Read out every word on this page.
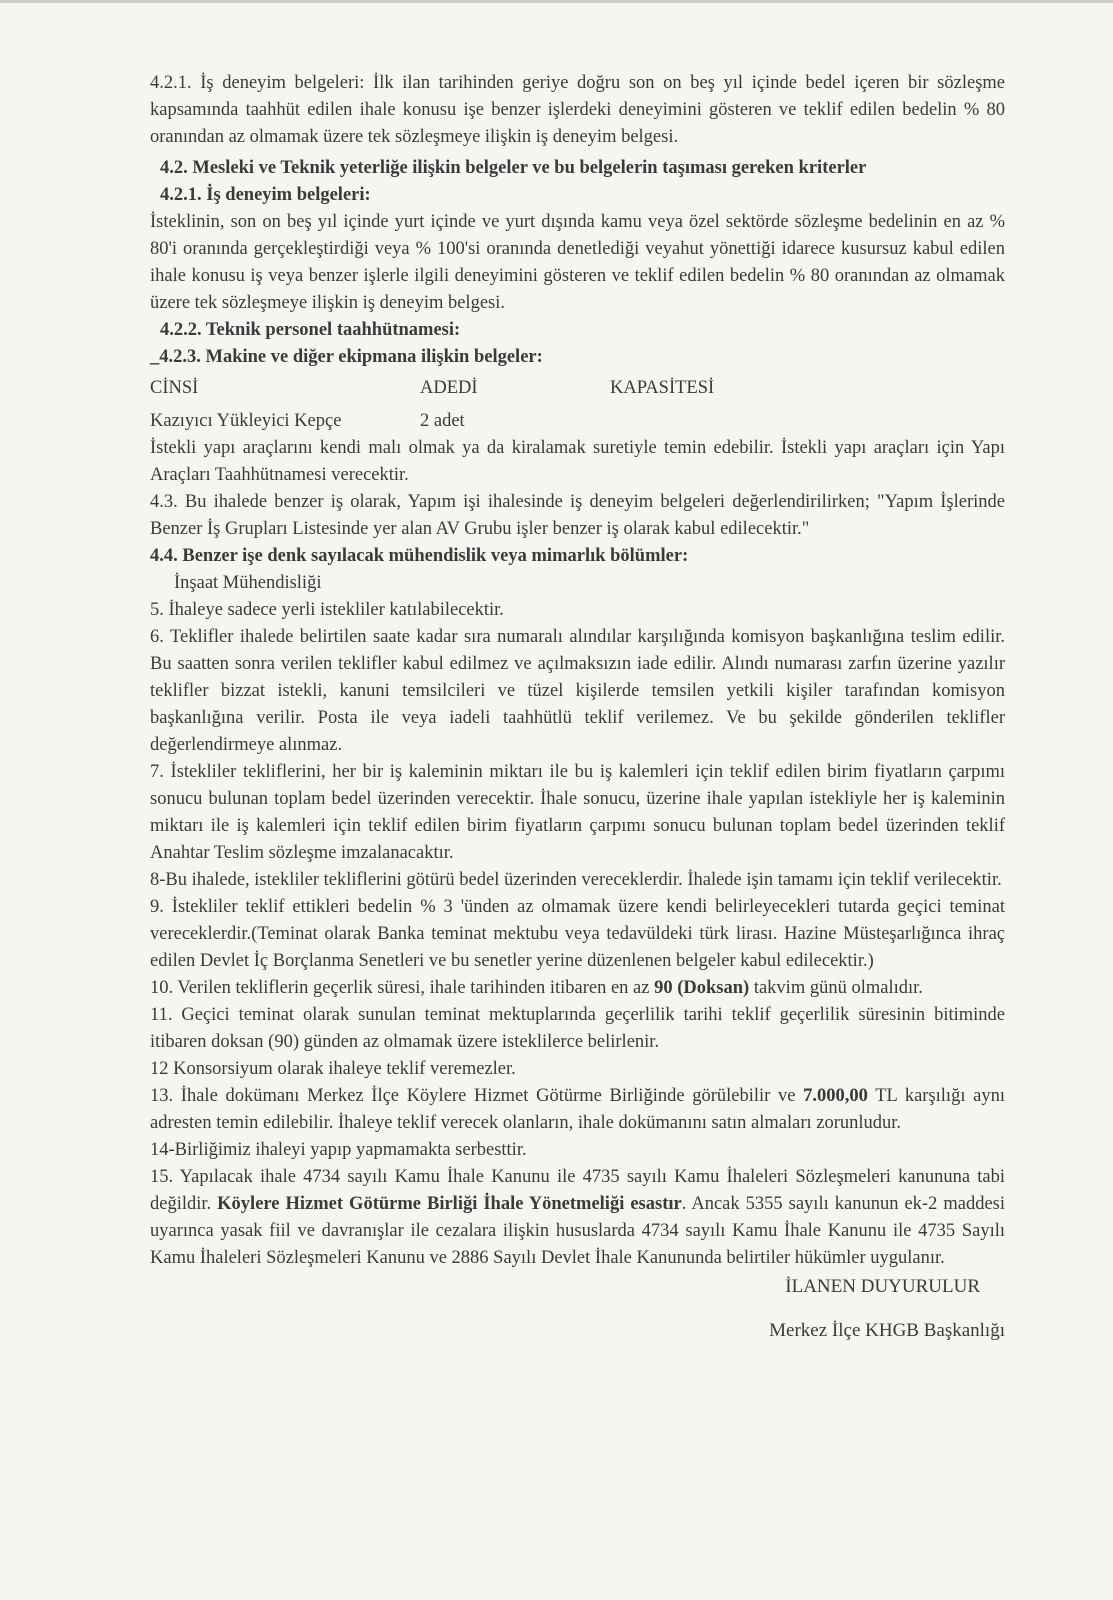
4.2.1. İş deneyim belgeleri: İlk ilan tarihinden geriye doğru son on beş yıl içinde bedel içeren bir sözleşme kapsamında taahhüt edilen ihale konusu işe benzer işlerdeki deneyimini gösteren ve teklif edilen bedelin % 80 oranından az olmamak üzere tek sözleşmeye ilişkin iş deneyim belgesi.

4.2. Mesleki ve Teknik yeterliğe ilişkin belgeler ve bu belgelerin taşıması gereken kriterler

4.2.1. İş deneyim belgeleri:

İsteklinin, son on beş yıl içinde yurt içinde ve yurt dışında kamu veya özel sektörde sözleşme bedelinin en az % 80'i oranında gerçekleştirdiği veya % 100'si oranında denetlediği veyahut yönettiği idarece kusursuz kabul edilen ihale konusu iş veya benzer işlerle ilgili deneyimini gösteren ve teklif edilen bedelin % 80 oranından az olmamak üzere tek sözleşmeye ilişkin iş deneyim belgesi.

4.2.2. Teknik personel taahhütnamesi:

_4.2.3. Makine ve diğer ekipmana ilişkin belgeler:

CİNSİ	ADEDİ	KAPASİTESİ
Kazıyıcı Yükleyici Kepçe	2 adet

İstekli yapı araçlarını kendi malı olmak ya da kiralamak suretiyle temin edebilir. İstekli yapı araçları için Yapı Araçları Taahhütnamesi verecektir.

4.3. Bu ihalede benzer iş olarak, Yapım işi ihalesinde iş deneyim belgeleri değerlendirilirken; "Yapım İşlerinde Benzer İş Grupları Listesinde yer alan AV Grubu işler benzer iş olarak kabul edilecektir."

4.4. Benzer işe denk sayılacak mühendislik veya mimarlık bölümler:

İnşaat Mühendisliği

5. İhaleye sadece yerli istekliler katılabilecektir.

6. Teklifler ihalede belirtilen saate kadar sıra numaralı alındılar karşılığında komisyon başkanlığına teslim edilir. Bu saatten sonra verilen teklifler kabul edilmez ve açılmaksızın iade edilir. Alındı numarası zarfın üzerine yazılır teklifler bizzat istekli, kanuni temsilcileri ve tüzel kişilerde temsilen yetkili kişiler tarafından komisyon başkanlığına verilir. Posta ile veya iadeli taahhütlü teklif verilemez. Ve bu şekilde gönderilen teklifler değerlendirmeye alınmaz.

7. İstekliler tekliflerini, her bir iş kaleminin miktarı ile bu iş kalemleri için teklif edilen birim fiyatların çarpımı sonucu bulunan toplam bedel üzerinden verecektir. İhale sonucu, üzerine ihale yapılan istekliyle her iş kaleminin miktarı ile iş kalemleri için teklif edilen birim fiyatların çarpımı sonucu bulunan toplam bedel üzerinden teklif Anahtar Teslim sözleşme imzalanacaktır.

8-Bu ihalede, istekliler tekliflerini götürü bedel üzerinden vereceklerdir. İhalede işin tamamı için teklif verilecektir.

9. İstekliler teklif ettikleri bedelin % 3 'ünden az olmamak üzere kendi belirleyecekleri tutarda geçici teminat vereceklerdir.(Teminat olarak Banka teminat mektubu veya tedavüldeki türk lirası. Hazine Müsteşarlığınca ihraç edilen Devlet İç Borçlanma Senetleri ve bu senetler yerine düzenlenen belgeler kabul edilecektir.)

10. Verilen tekliflerin geçerlik süresi, ihale tarihinden itibaren en az 90 (Doksan) takvim günü olmalıdır.

11. Geçici teminat olarak sunulan teminat mektuplarında geçerlilik tarihi teklif geçerlilik süresinin bitiminde itibaren doksan (90) günden az olmamak üzere isteklilerce belirlenir.

12 Konsorsiyum olarak ihaleye teklif veremezler.

13. İhale dokümanı Merkez İlçe Köylere Hizmet Götürme Birliğinde görülebilir ve 7.000,00 TL karşılığı aynı adresten temin edilebilir. İhaleye teklif verecek olanların, ihale dokümanını satın almaları zorunludur.

14-Birliğimiz ihaleyi yapıp yapmamakta serbesttir.

15. Yapılacak ihale 4734 sayılı Kamu İhale Kanunu ile 4735 sayılı Kamu İhaleleri Sözleşmeleri kanununa tabi değildir. Köylere Hizmet Götürme Birliği İhale Yönetmeliği esastır. Ancak 5355 sayılı kanunun ek-2 maddesi uyarınca yasak fiil ve davranışlar ile cezalara ilişkin hususlarda 4734 sayılı Kamu İhale Kanunu ile 4735 Sayılı Kamu İhaleleri Sözleşmeleri Kanunu ve 2886 Sayılı Devlet İhale Kanununda belirtiler hükümler uygulanır.

İLANEN DUYURULUR
Merkez İlçe KHGB Başkanlığı
